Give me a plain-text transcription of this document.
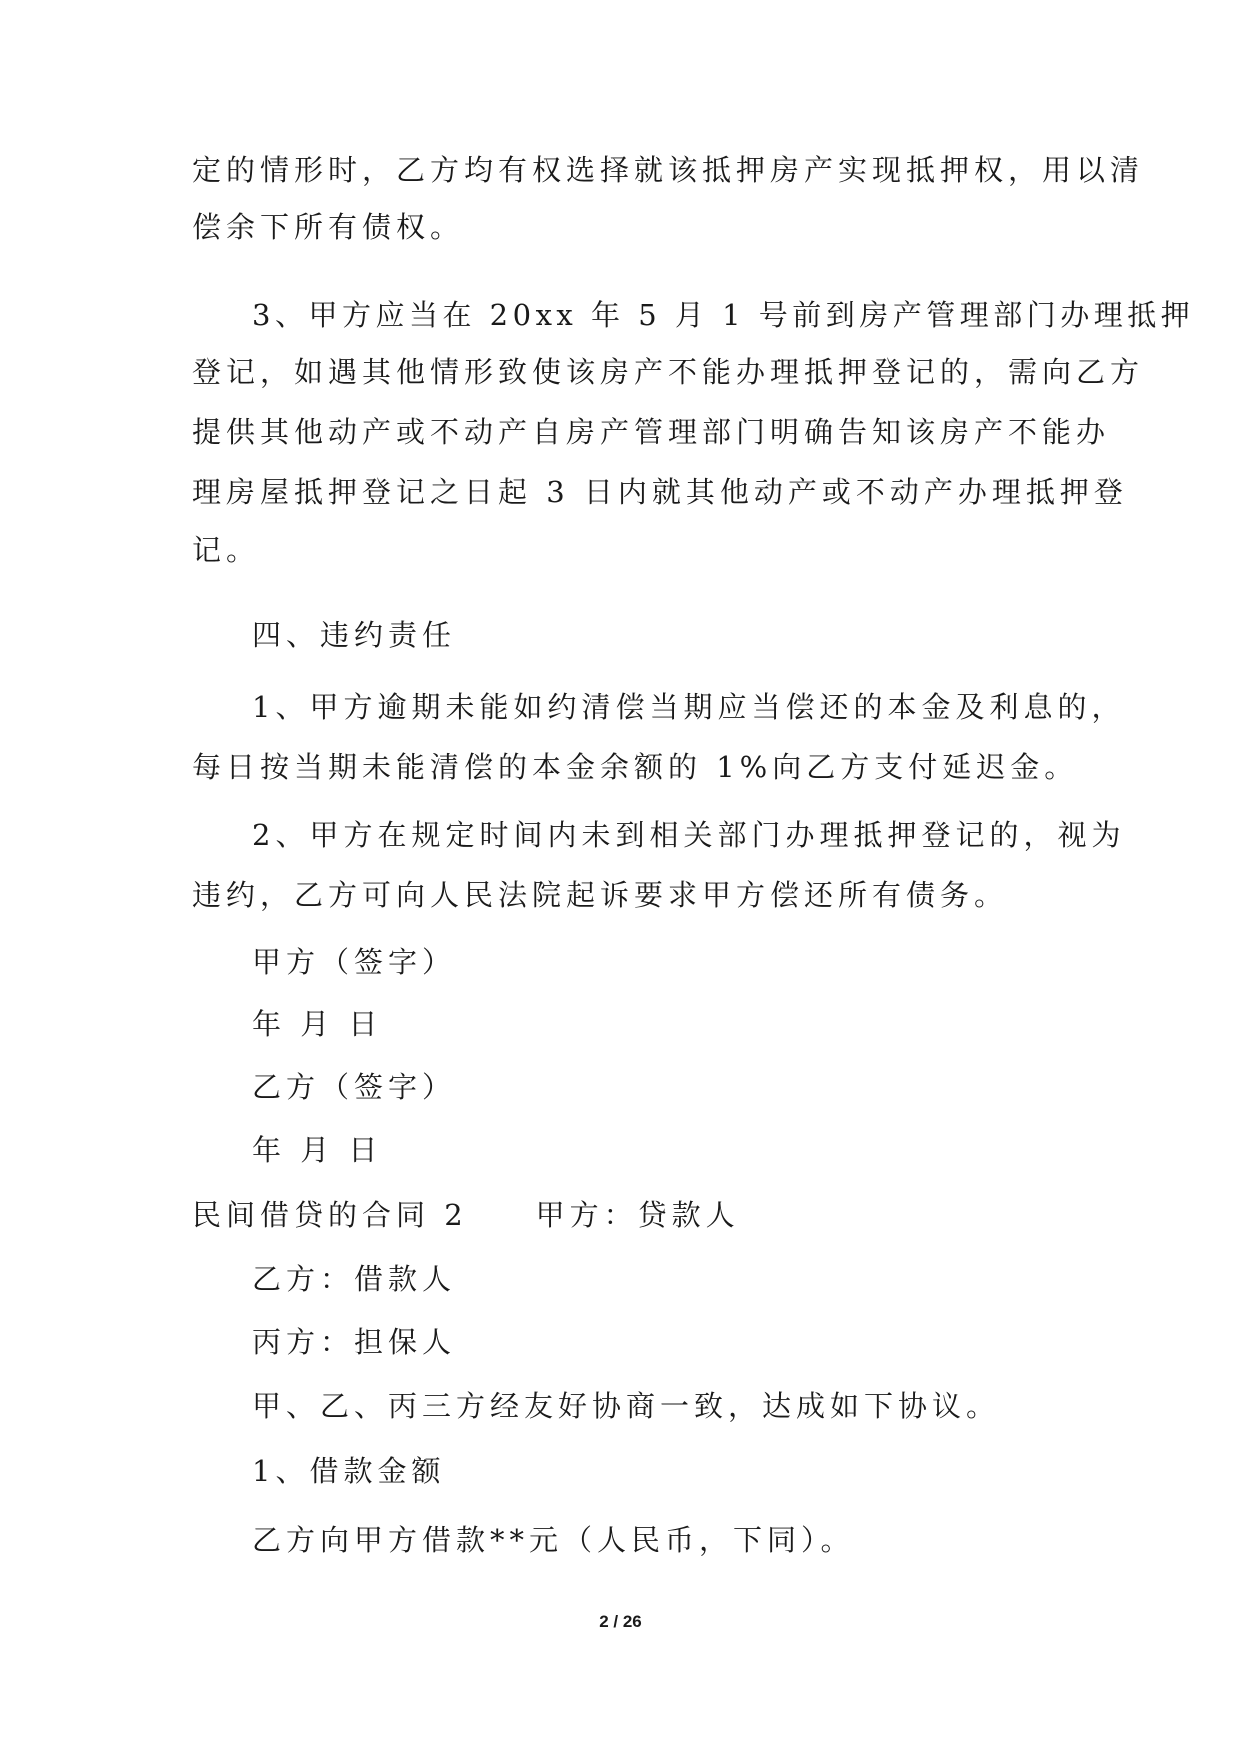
定的情形时，乙方均有权选择就该抵押房产实现抵押权，用以清
偿余下所有债权。
3、甲方应当在 20xx 年 5 月 1 号前到房产管理部门办理抵押
登记，如遇其他情形致使该房产不能办理抵押登记的，需向乙方
提供其他动产或不动产自房产管理部门明确告知该房产不能办
理房屋抵押登记之日起 3 日内就其他动产或不动产办理抵押登
记。
四、违约责任
1、甲方逾期未能如约清偿当期应当偿还的本金及利息的，
每日按当期未能清偿的本金余额的 1%向乙方支付延迟金。
2、甲方在规定时间内未到相关部门办理抵押登记的，视为
违约，乙方可向人民法院起诉要求甲方偿还所有债务。
甲方（签字）
年 月 日
乙方（签字）
年 月 日
民间借贷的合同 2　　甲方：贷款人
乙方：借款人
丙方：担保人
甲、乙、丙三方经友好协商一致，达成如下协议。
1、借款金额
乙方向甲方借款**元（人民币，下同）。
2 / 26
